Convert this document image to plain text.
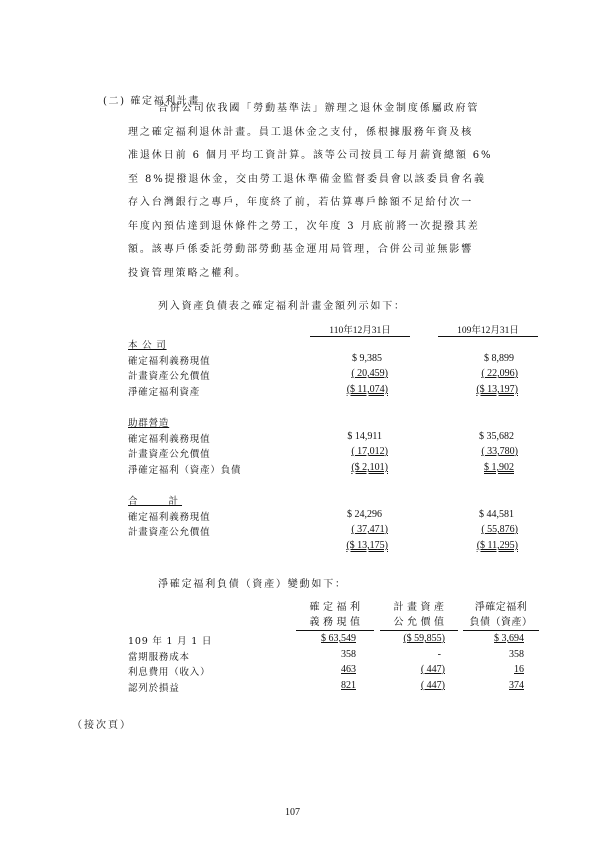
(二) 確定福利計畫
合併公司依我國「勞動基準法」辦理之退休金制度係屬政府管
理之確定福利退休計畫。員工退休金之支付，係根據服務年資及核
准退休日前 6 個月平均工資計算。該等公司按員工每月薪資總額 6%
至 8%提撥退休金，交由勞工退休準備金監督委員會以該委員會名義
存入台灣銀行之專戶，年度終了前，若估算專戶餘額不足給付次一
年度內預估達到退休條件之勞工，次年度 3 月底前將一次提撥其差
額。該專戶係委託勞動部勞動基金運用局管理，合併公司並無影響
投資管理策略之權利。
列入資產負債表之確定福利計畫金額列示如下：
110年12月31日	109年12月31日
本 公 司
確定福利義務現值	$ 9,385	$ 8,899
計畫資產公允價值	( 20,459)	( 22,096)
淨確定福利資產	($ 11,074)	($ 13,197)
助群營造
確定福利義務現值	$ 14,911	$ 35,682
計畫資產公允價值	( 17,012)	( 33,780)
淨確定福利（資產）負債	($ 2,101)	$ 1,902
合　　計
確定福利義務現值	$ 24,296	$ 44,581
計畫資產公允價值	( 37,471)	( 55,876)
($ 13,175)	($ 11,295)
淨確定福利負債（資產）變動如下：
確 定 福 利
義 務 現 值
計 畫 資 產
公 允 價 值
淨確定福利
負債（資產）
109 年 1 月 1 日	$ 63,549	($ 59,855)	$ 3,694
當期服務成本	358	-	358
利息費用（收入）	463	( 447)	16
認列於損益	821	( 447)	374
（接次頁）
107
